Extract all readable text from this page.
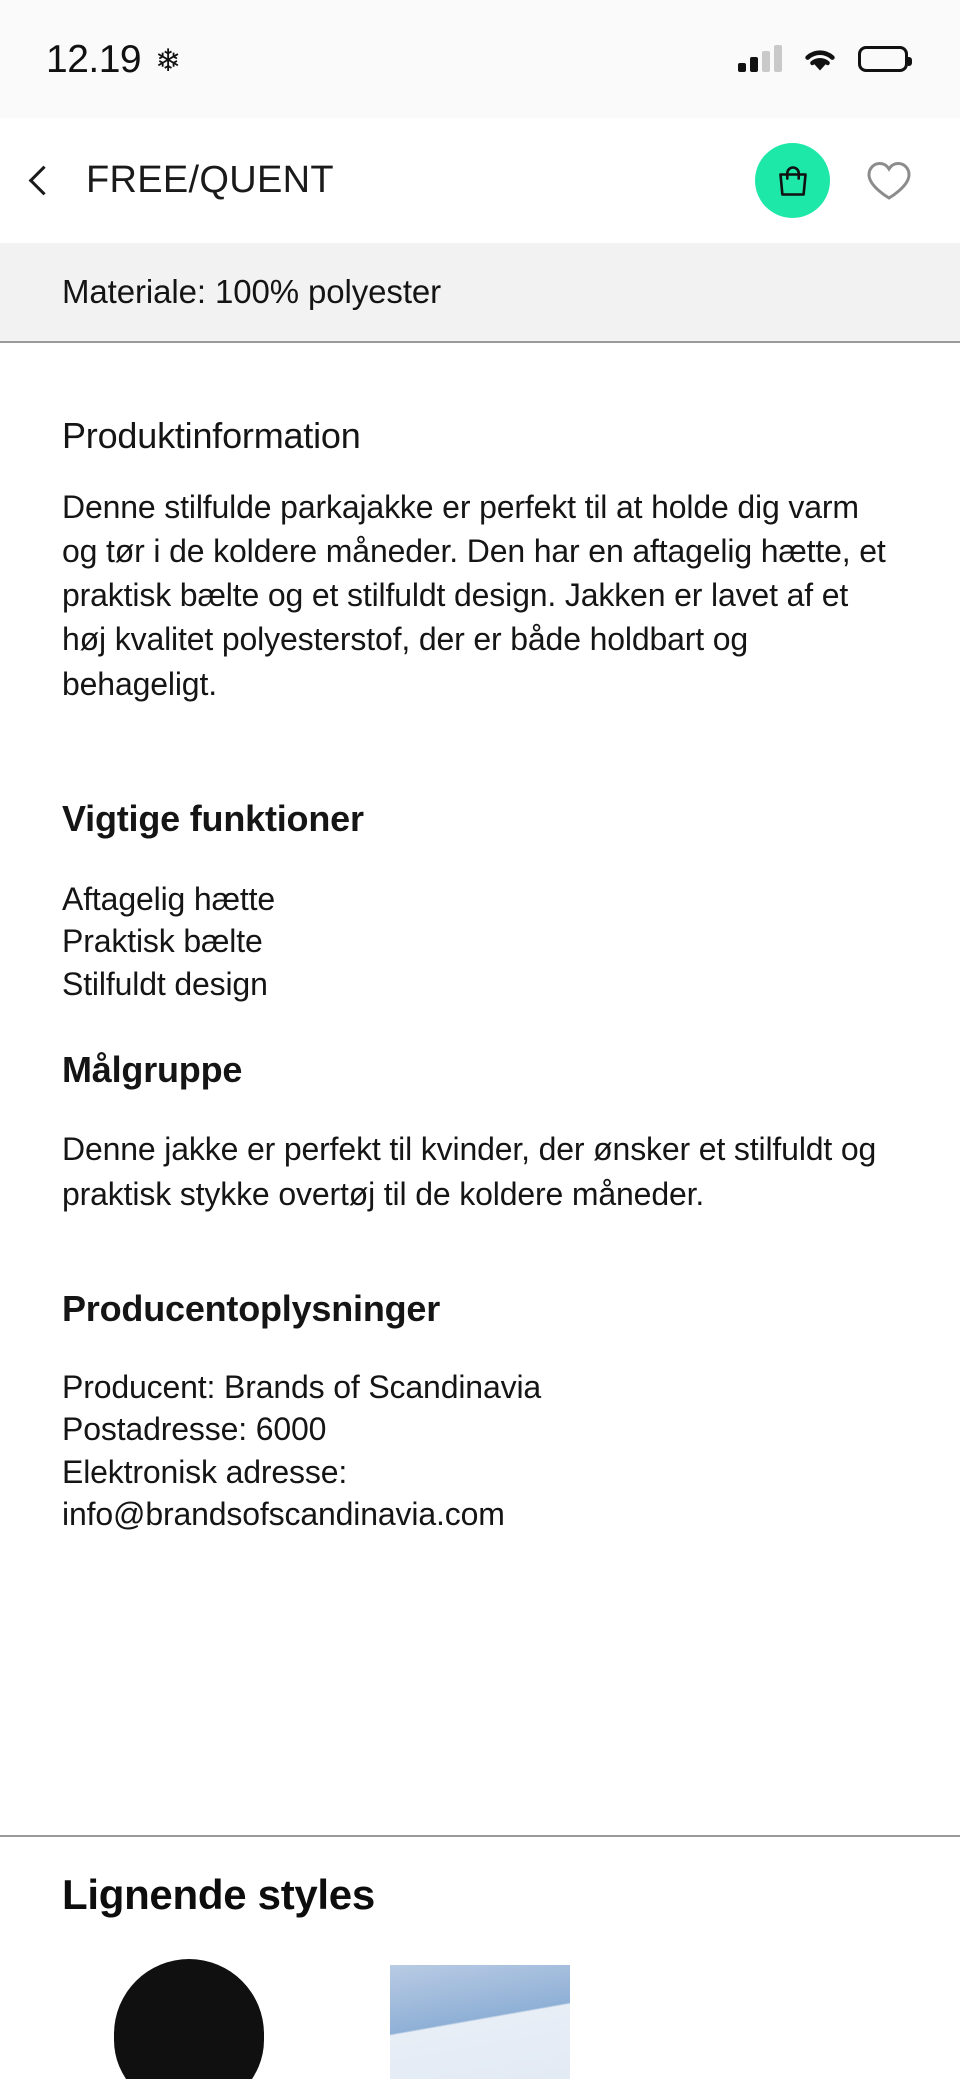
12.19 ❄
FREE/QUENT
Materiale: 100% polyester
Produktinformation

Denne stilfulde parkajakke er perfekt til at holde dig varm og tør i de koldere måneder. Den har en aftagelig hætte, et praktisk bælte og et stilfuldt design. Jakken er lavet af et høj kvalitet polyesterstof, der er både holdbart og behageligt.

Vigtige funktioner
Aftagelig hætte
Praktisk bælte
Stilfuldt design
Målgruppe

Denne jakke er perfekt til kvinder, der ønsker et stilfuldt og praktisk stykke overtøj til de koldere måneder.

Producentoplysninger
Producent: Brands of Scandinavia
Postadresse: 6000
Elektronisk adresse:
info@brandsofscandinavia.com
Lignende styles
